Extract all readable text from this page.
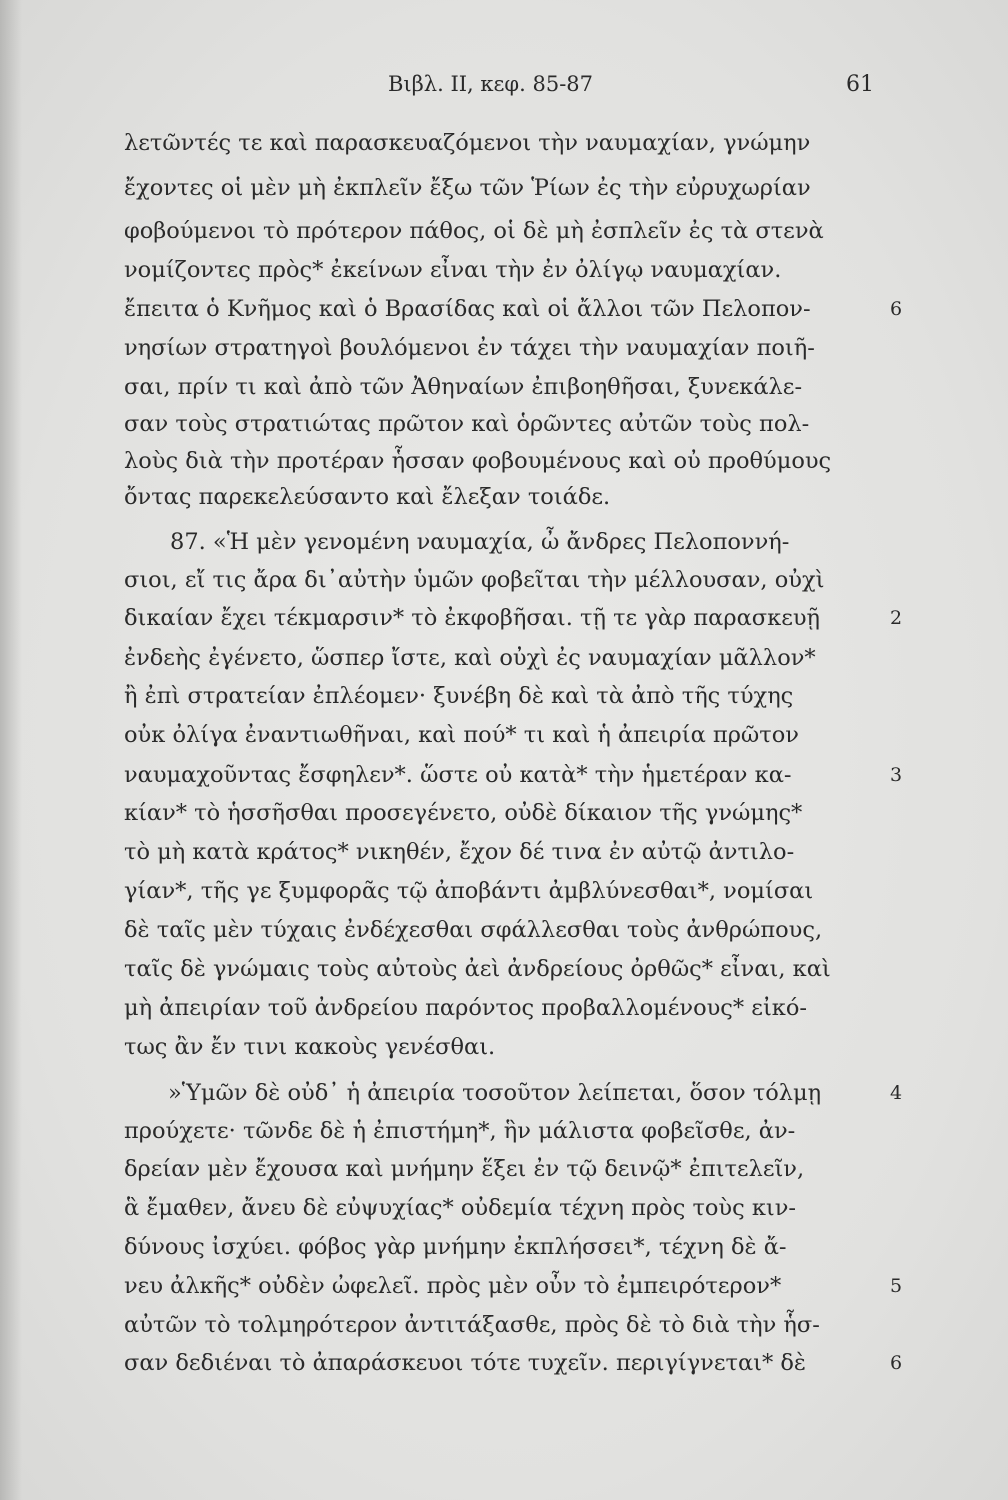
Βιβλ. II, κεφ. 85-87	61
λετῶντές τε καὶ παρασκευαζόμενοι τὴν ναυμαχίαν, γνώμην
ἔχοντες οἱ μὲν μὴ ἐκπλεῖν ἔξω τῶν Ῥίων ἐς τὴν εὐρυχωρίαν
φοβούμενοι τὸ πρότερον πάθος, οἱ δὲ μὴ ἐσπλεῖν ἐς τὰ στενὰ
νομίζοντες πρὸς* ἐκείνων εἶναι τὴν ἐν ὀλίγῳ ναυμαχίαν.
ἔπειτα ὁ Κνῆμος καὶ ὁ Βρασίδας καὶ οἱ ἄλλοι τῶν Πελοπον-
νησίων στρατηγοὶ βουλόμενοι ἐν τάχει τὴν ναυμαχίαν ποιῆ-
σαι, πρίν τι καὶ ἀπὸ τῶν Ἀθηναίων ἐπιβοηθῆσαι, ξυνεκάλε-
σαν τοὺς στρατιώτας πρῶτον καὶ ὁρῶντες αὐτῶν τοὺς πολ-
λοὺς διὰ τὴν προτέραν ἧσσαν φοβουμένους καὶ οὐ προθύμους
ὄντας παρεκελεύσαντο καὶ ἔλεξαν τοιάδε.
87. «Ἡ μὲν γενομένη ναυμαχία, ὦ ἄνδρες Πελοποννή-
σιοι, εἴ τις ἄρα δι᾽αὐτὴν ὑμῶν φοβεῖται τὴν μέλλουσαν, οὐχὶ
δικαίαν ἔχει τέκμαρσιν* τὸ ἐκφοβῆσαι. τῇ τε γὰρ παρασκευῇ
ἐνδεὴς ἐγένετο, ὥσπερ ἴστε, καὶ οὐχὶ ἐς ναυμαχίαν μᾶλλον*
ἢ ἐπὶ στρατείαν ἐπλέομεν· ξυνέβη δὲ καὶ τὰ ἀπὸ τῆς τύχης
οὐκ ὀλίγα ἐναντιωθῆναι, καὶ πού* τι καὶ ἡ ἀπειρία πρῶτον
ναυμαχοῦντας ἔσφηλεν*. ὥστε οὐ κατὰ* τὴν ἡμετέραν κα-
κίαν* τὸ ἡσσῆσθαι προσεγένετο, οὐδὲ δίκαιον τῆς γνώμης*
τὸ μὴ κατὰ κράτος* νικηθέν, ἔχον δέ τινα ἐν αὐτῷ ἀντιλο-
γίαν*, τῆς γε ξυμφορᾶς τῷ ἀποβάντι ἀμβλύνεσθαι*, νομίσαι
δὲ ταῖς μὲν τύχαις ἐνδέχεσθαι σφάλλεσθαι τοὺς ἀνθρώπους,
ταῖς δὲ γνώμαις τοὺς αὐτοὺς ἀεὶ ἀνδρείους ὀρθῶς* εἶναι, καὶ
μὴ ἀπειρίαν τοῦ ἀνδρείου παρόντος προβαλλομένους* εἰκό-
τως ἂν ἔν τινι κακοὺς γενέσθαι.
»Ὑμῶν δὲ οὐδ᾽ ἡ ἀπειρία τοσοῦτον λείπεται, ὅσον τόλμῃ
προύχετε· τῶνδε δὲ ἡ ἐπιστήμη*, ἣν μάλιστα φοβεῖσθε, ἀν-
δρείαν μὲν ἔχουσα καὶ μνήμην ἕξει ἐν τῷ δεινῷ* ἐπιτελεῖν,
ἃ ἔμαθεν, ἄνευ δὲ εὐψυχίας* οὐδεμία τέχνη πρὸς τοὺς κιν-
δύνους ἰσχύει. φόβος γὰρ μνήμην ἐκπλήσσει*, τέχνη δὲ ἄ-
νευ ἀλκῆς* οὐδὲν ὠφελεῖ. πρὸς μὲν οὖν τὸ ἐμπειρότερον*
αὐτῶν τὸ τολμηρότερον ἀντιτάξασθε, πρὸς δὲ τὸ διὰ τὴν ἧσ-
σαν δεδιέναι τὸ ἀπαράσκευοι τότε τυχεῖν. περιγίγνεται* δὲ
6
2
3
4
5
6
